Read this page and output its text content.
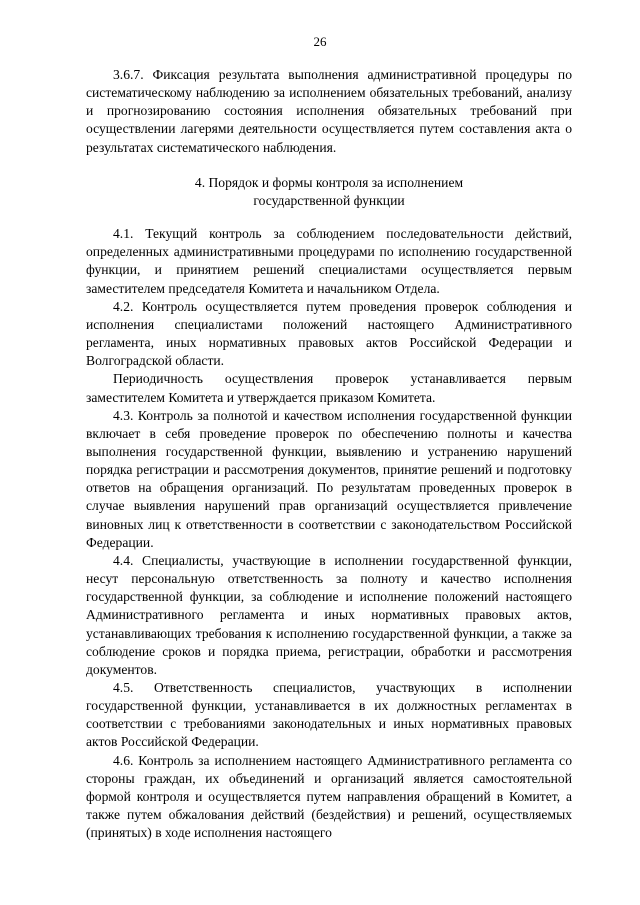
26

3.6.7. Фиксация результата выполнения административной процедуры по систематическому наблюдению за исполнением обязательных требований, анализу и прогнозированию состояния исполнения обязательных требований при осуществлении лагерями деятельности осуществляется путем составления акта о результатах систематического наблюдения.

4. Порядок и формы контроля за исполнением
государственной функции

4.1. Текущий контроль за соблюдением последовательности действий, определенных административными процедурами по исполнению государственной функции, и принятием решений специалистами осуществляется первым заместителем председателя Комитета и начальником Отдела.

4.2. Контроль осуществляется путем проведения проверок соблюдения и исполнения специалистами положений настоящего Административного регламента, иных нормативных правовых актов Российской Федерации и Волгоградской области.

Периодичность осуществления проверок устанавливается первым заместителем Комитета и утверждается приказом Комитета.

4.3. Контроль за полнотой и качеством исполнения государственной функции включает в себя проведение проверок по обеспечению полноты и качества выполнения государственной функции, выявлению и устранению нарушений порядка регистрации и рассмотрения документов, принятие решений и подготовку ответов на обращения организаций. По результатам проведенных проверок в случае выявления нарушений прав организаций осуществляется привлечение виновных лиц к ответственности в соответствии с законодательством Российской Федерации.

4.4. Специалисты, участвующие в исполнении государственной функции, несут персональную ответственность за полноту и качество исполнения государственной функции, за соблюдение и исполнение положений настоящего Административного регламента и иных нормативных правовых актов, устанавливающих требования к исполнению государственной функции, а также за соблюдение сроков и порядка приема, регистрации, обработки и рассмотрения документов.

4.5. Ответственность специалистов, участвующих в исполнении государственной функции, устанавливается в их должностных регламентах в соответствии с требованиями законодательных и иных нормативных правовых актов Российской Федерации.

4.6. Контроль за исполнением настоящего Административного регламента со стороны граждан, их объединений и организаций является самостоятельной формой контроля и осуществляется путем направления обращений в Комитет, а также путем обжалования действий (бездействия) и решений, осуществляемых (принятых) в ходе исполнения настоящего
